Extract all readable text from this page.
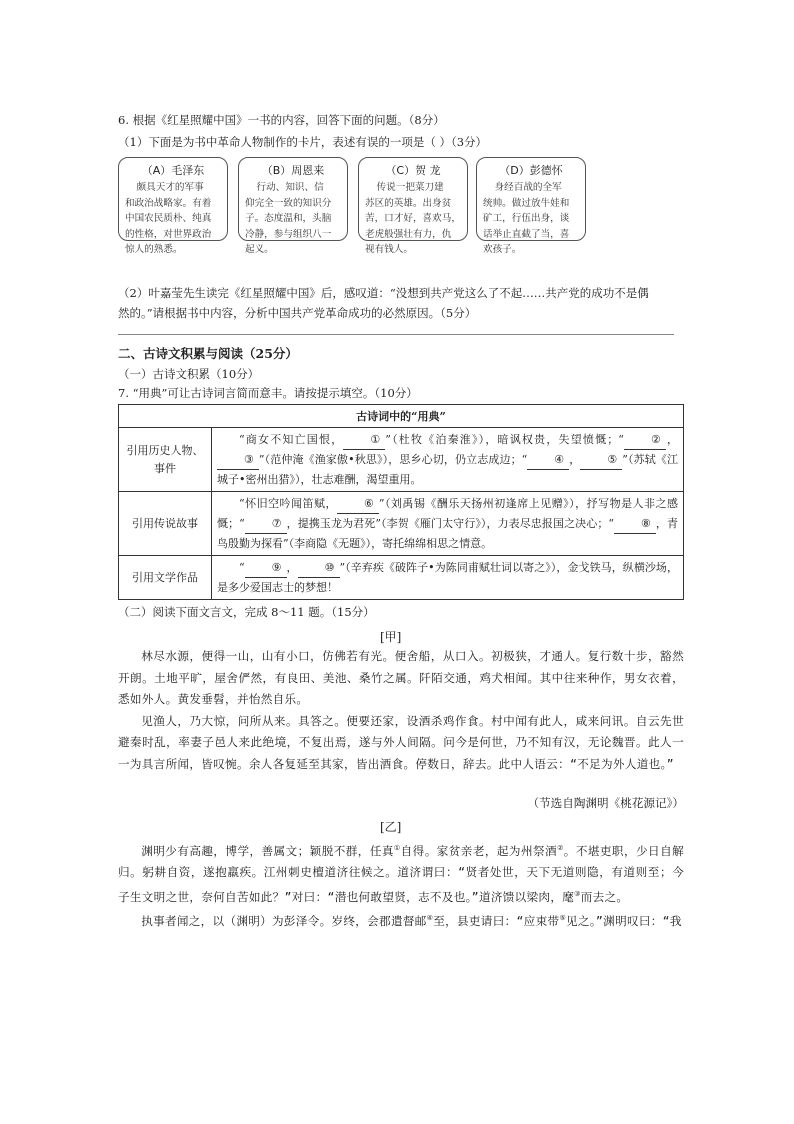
6. 根据《红星照耀中国》一书的内容，回答下面的问题。（8分）
（1）下面是为书中革命人物制作的卡片，表述有误的一项是（ ）（3分）
（A）毛泽东
颇具天才的军事
和政治战略家。有着
中国农民质朴、纯真
的性格，对世界政治
惊人的熟悉。
（B）周恩来
行动、知识、信
仰完全一致的知识分
子。态度温和，头脑
冷静，参与组织八一
起义。
（C）贺 龙
传说一把菜刀建
苏区的英雄。出身贫
苦，口才好，喜欢马，
老虎般强壮有力，仇
视有钱人。
（D）彭德怀
身经百战的全军
统帅。做过放牛娃和
矿工，行伍出身，谈
话举止直截了当，喜
欢孩子。
（2）叶嘉莹先生读完《红星照耀中国》后，感叹道：“没想到共产党这么了不起……共产党的成功不是偶
然的。”请根据书中内容，分析中国共产党革命成功的必然原因。（5分）
二、古诗文积累与阅读（25分）
（一）古诗文积累（10分）
7. “用典”可让古诗词言简而意丰。请按提示填空。（10分）
古诗词中的“用典”	
引用历史人物、事件	“商女不知亡国恨， ① ”（杜牧《泊秦淮》），暗讽权贵，失望愤慨；“ ② ，③ ”（范仲淹《渔家傲•秋思》），思乡心切，仍立志成边；“ ④ ， ⑤ ”（苏轼《江城子•密州出猎》），壮志难酬，渴望重用。
引用传说故事	“怀旧空吟闻笛赋， ⑥ ”（刘禹锡《酬乐天扬州初逢席上见赠》），抒写物是人非之感慨；“ ⑦ ，提携玉龙为君死”（李贺《雁门太守行》），力表尽忠报国之决心；“ ⑧ ，青鸟殷勤为探看”（李商隐《无题》），寄托绵绵相思之情意。
引用文学作品	“ ⑨ ， ⑩ ”（辛弃疾《破阵子•为陈同甫赋壮词以寄之》），金戈铁马，纵横沙场，是多少爱国志士的梦想！
（二）阅读下面文言文，完成 8～11 题。（15分）
[甲]

林尽水源，便得一山，山有小口，仿佛若有光。便舍船，从口入。初极狭，才通人。复行数十步，豁然开朗。土地平旷，屋舍俨然，有良田、美池、桑竹之属。阡陌交通，鸡犬相闻。其中往来种作，男女衣着，悉如外人。黄发垂髫，并怡然自乐。

见渔人，乃大惊，问所从来。具答之。便要还家，设酒杀鸡作食。村中闻有此人，咸来问讯。自云先世避秦时乱，率妻子邑人来此绝境，不复出焉，遂与外人间隔。问今是何世，乃不知有汉，无论魏晋。此人一一为具言所闻，皆叹惋。余人各复延至其家，皆出酒食。停数日，辞去。此中人语云：“不足为外人道也。”

（节选自陶渊明《桃花源记》）
[乙]

渊明少有高趣，博学，善属文；颖脱不群，任真①自得。家贫亲老，起为州祭酒②。不堪吏职，少日自解归。躬耕自资，遂抱羸疾。江州刺史檀道济往候之。道济谓曰：“贤者处世，天下无道则隐，有道则至；今子生文明之世，奈何自苦如此？”对曰：“潜也何敢望贤，志不及也。”道济馈以梁肉，麾③而去之。

执事者闻之，以（渊明）为彭泽令。岁终，会郡遣督邮④至，县吏请曰：“应束带⑤见之。”渊明叹曰：“我
